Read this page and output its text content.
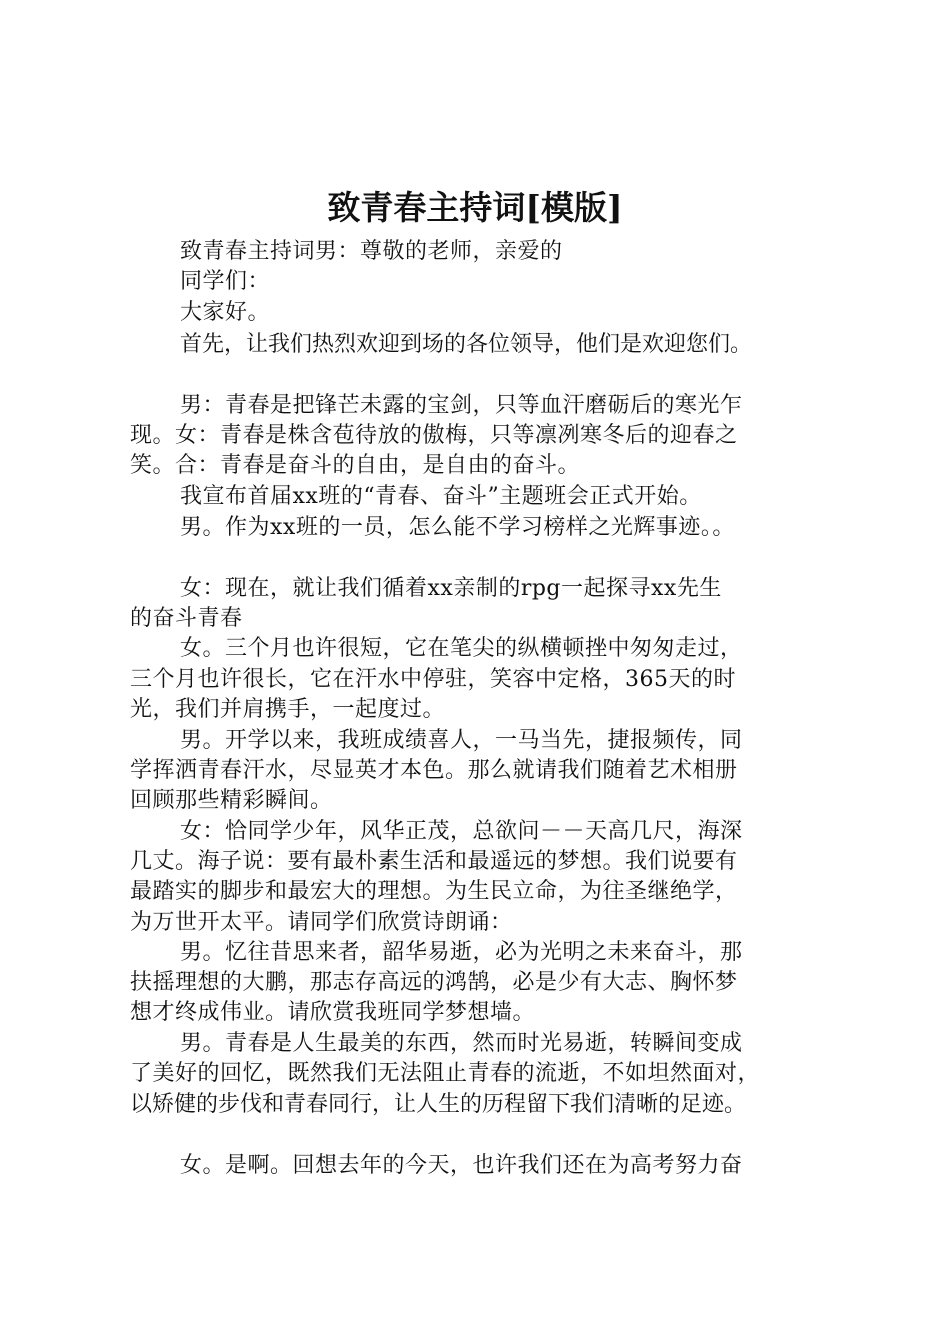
致青春主持词[模版]

致青春主持词男：尊敬的老师，亲爱的

同学们：

大家好。

首先，让我们热烈欢迎到场的各位领导，他们是欢迎您们。

男：青春是把锋芒未露的宝剑，只等血汗磨砺后的寒光乍

现。女：青春是株含苞待放的傲梅，只等凛冽寒冬后的迎春之

笑。合：青春是奋斗的自由，是自由的奋斗。

我宣布首届xx班的“青春、奋斗”主题班会正式开始。

男。作为xx班的一员，怎么能不学习榜样之光辉事迹。。

女：现在，就让我们循着xx亲制的rpg一起探寻xx先生

的奋斗青春

女。三个月也许很短，它在笔尖的纵横顿挫中匆匆走过，

三个月也许很长，它在汗水中停驻，笑容中定格，365天的时

光，我们并肩携手，一起度过。

男。开学以来，我班成绩喜人，一马当先，捷报频传，同

学挥洒青春汗水，尽显英才本色。那么就请我们随着艺术相册

回顾那些精彩瞬间。

女：恰同学少年，风华正茂，总欲问－－天高几尺，海深

几丈。海子说：要有最朴素生活和最遥远的梦想。我们说要有

最踏实的脚步和最宏大的理想。为生民立命，为往圣继绝学，

为万世开太平。请同学们欣赏诗朗诵：

男。忆往昔思来者，韶华易逝，必为光明之未来奋斗，那

扶摇理想的大鹏，那志存高远的鸿鹄，必是少有大志、胸怀梦

想才终成伟业。请欣赏我班同学梦想墙。

男。青春是人生最美的东西，然而时光易逝，转瞬间变成

了美好的回忆，既然我们无法阻止青春的流逝，不如坦然面对，

以矫健的步伐和青春同行，让人生的历程留下我们清晰的足迹。

女。是啊。回想去年的今天，也许我们还在为高考努力奋
